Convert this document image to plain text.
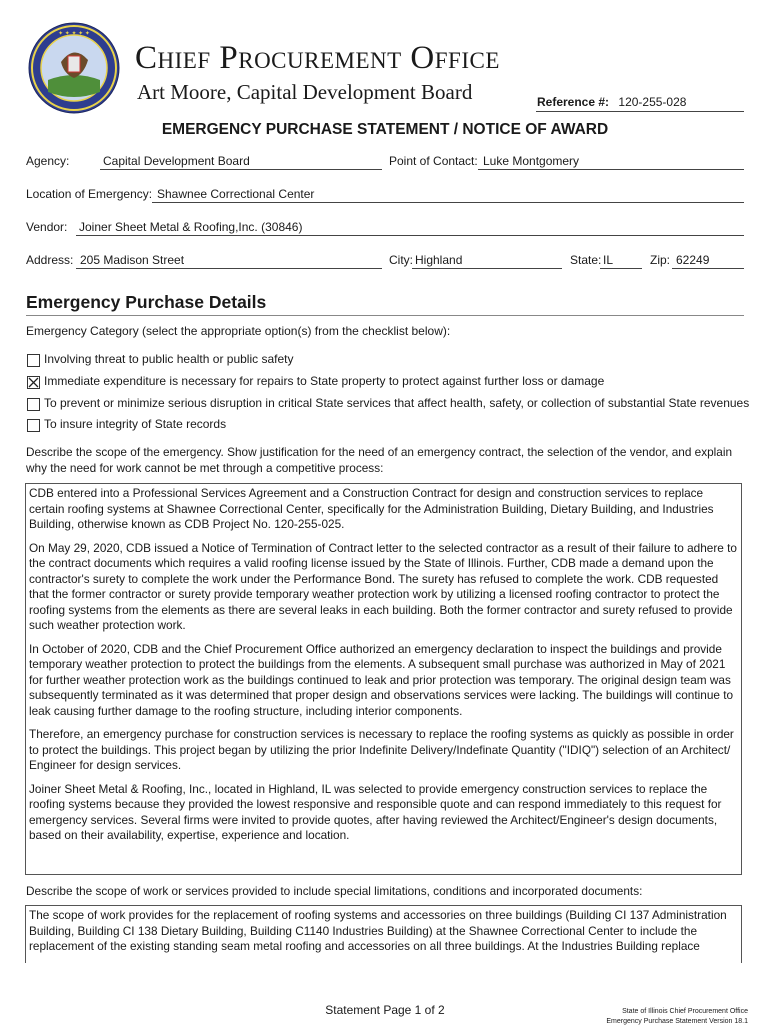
✦ ✦ ✦ ✦ ✦
Chief Procurement Office
Art Moore, Capital Development Board	Reference #: 120-255-028
EMERGENCY PURCHASE STATEMENT / NOTICE OF AWARD
Agency:	Capital Development Board	Point of Contact: Luke Montgomery
Location of Emergency: Shawnee Correctional Center
Vendor: Joiner Sheet Metal & Roofing,Inc. (30846)
Address: 205 Madison Street	City: Highland	State: IL	Zip: 62249
Emergency Purchase Details
Emergency Category (select the appropriate option(s) from the checklist below):
Involving threat to public health or public safety
Immediate expenditure is necessary for repairs to State property to protect against further loss or damage
To prevent or minimize serious disruption in critical State services that affect health, safety, or collection of substantial State revenues
To insure integrity of State records
Describe the scope of the emergency. Show justification for the need of an emergency contract, the selection of the vendor, and explain why the need for work cannot be met through a competitive process:

CDB entered into a Professional Services Agreement and a Construction Contract for design and construction services to replace certain roofing systems at Shawnee Correctional Center, specifically for the Administration Building, Dietary Building, and Industries Building, otherwise known as CDB Project No. 120-255-025.

On May 29, 2020, CDB issued a Notice of Termination of Contract letter to the selected contractor as a result of their failure to adhere to the contract documents which requires a valid roofing license issued by the State of Illinois. Further, CDB made a demand upon the contractor's surety to complete the work under the Performance Bond. The surety has refused to complete the work. CDB requested that the former contractor or surety provide temporary weather protection work by utilizing a licensed roofing contractor to protect the roofing systems from the elements as there are several leaks in each building. Both the former contractor and surety refused to provide such weather protection work.

In October of 2020, CDB and the Chief Procurement Office authorized an emergency declaration to inspect the buildings and provide temporary weather protection to protect the buildings from the elements. A subsequent small purchase was authorized in May of 2021 for further weather protection work as the buildings continued to leak and prior protection was temporary. The original design team was subsequently terminated as it was determined that proper design and observations services were lacking. The buildings will continue to leak causing further damage to the roofing structure, including interior components.

Therefore, an emergency purchase for construction services is necessary to replace the roofing systems as quickly as possible in order to protect the buildings. This project began by utilizing the prior Indefinite Delivery/Indefinate Quantity ("IDIQ") selection of an Architect/ Engineer for design services.

Joiner Sheet Metal & Roofing, Inc., located in Highland, IL was selected to provide emergency construction services to replace the roofing systems because they provided the lowest responsive and responsible quote and can respond immediately to this request for emergency services. Several firms were invited to provide quotes, after having reviewed the Architect/Engineer's design documents, based on their availability, expertise, experience and location.

Describe the scope of work or services provided to include special limitations, conditions and incorporated documents:
The scope of work provides for the replacement of roofing systems and accessories on three buildings (Building CI 137 Administration Building, Building CI 138 Dietary Building, Building C1140 Industries Building) at the Shawnee Correctional Center to include the replacement of the existing standing seam metal roofing and accessories on all three buildings. At the Industries Building replace
Statement Page 1 of 2	State of Illinois Chief Procurement Office
Emergency Purchase Statement Version 18.1
